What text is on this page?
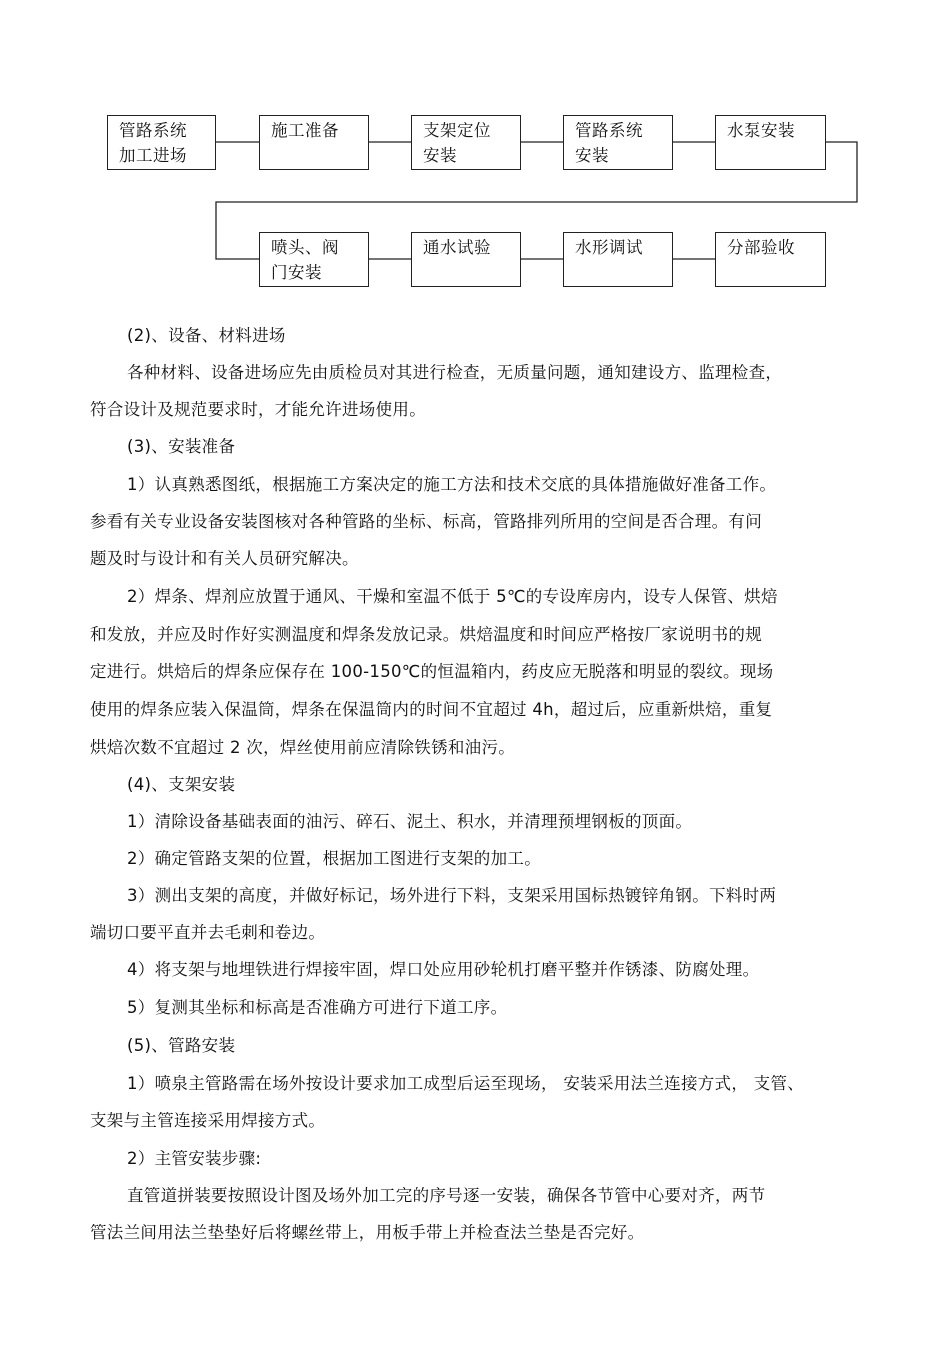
管路系统
加工进场
施工准备	支架定位
安装
管路系统
安装
水泵安装
喷头、阀
门安装
通水试验	水形调试	分部验收
(2)、设备、材料进场
各种材料、设备进场应先由质检员对其进行检查，无质量问题，通知建设方、监理检查，
符合设计及规范要求时，才能允许进场使用。
(3)、安装准备
1）认真熟悉图纸，根据施工方案决定的施工方法和技术交底的具体措施做好准备工作。
参看有关专业设备安装图核对各种管路的坐标、标高，管路排列所用的空间是否合理。有问
题及时与设计和有关人员研究解决。
2）焊条、焊剂应放置于通风、干燥和室温不低于 5℃的专设库房内，设专人保管、烘焙
和发放，并应及时作好实测温度和焊条发放记录。烘焙温度和时间应严格按厂家说明书的规
定进行。烘焙后的焊条应保存在 100-150℃的恒温箱内，药皮应无脱落和明显的裂纹。现场
使用的焊条应装入保温筒，焊条在保温筒内的时间不宜超过 4h，超过后，应重新烘焙，重复
烘焙次数不宜超过 2 次，焊丝使用前应清除铁锈和油污。
(4)、支架安装
1）清除设备基础表面的油污、碎石、泥土、积水，并清理预埋钢板的顶面。
2）确定管路支架的位置，根据加工图进行支架的加工。
3）测出支架的高度，并做好标记，场外进行下料，支架采用国标热镀锌角钢。下料时两
端切口要平直并去毛刺和卷边。
4）将支架与地埋铁进行焊接牢固，焊口处应用砂轮机打磨平整并作锈漆、防腐处理。
5）复测其坐标和标高是否准确方可进行下道工序。
(5)、管路安装
1）喷泉主管路需在场外按设计要求加工成型后运至现场， 安装采用法兰连接方式， 支管、
支架与主管连接采用焊接方式。
2）主管安装步骤:
直管道拼装要按照设计图及场外加工完的序号逐一安装，确保各节管中心要对齐，两节
管法兰间用法兰垫垫好后将螺丝带上，用板手带上并检查法兰垫是否完好。
